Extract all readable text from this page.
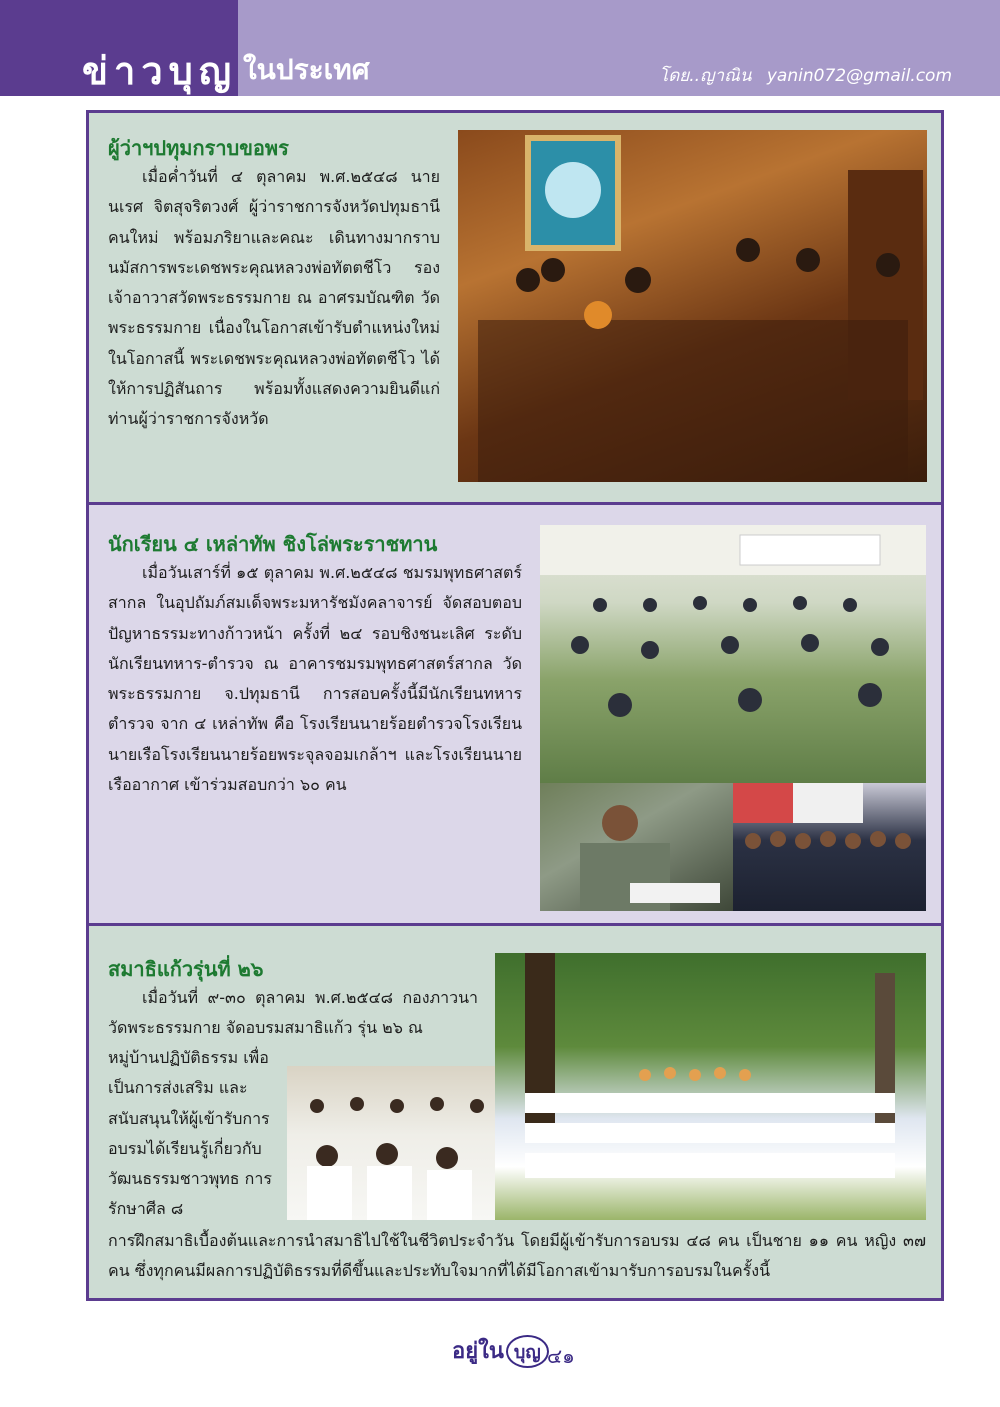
ข่าวบุญ ในประเทศ	โดย..ญาณิน yanin072@gmail.com
ผู้ว่าฯปทุมกราบขอพร

เมื่อค่ำวันที่ ๔ ตุลาคม พ.ศ.๒๕๔๘ นาย นเรศ จิตสุจริตวงศ์ ผู้ว่าราชการจังหวัดปทุมธานีคนใหม่ พร้อมภริยาและคณะ เดินทางมากราบนมัสการพระเดชพระคุณหลวงพ่อทัตตชีโว รองเจ้าอาวาสวัดพระธรรมกาย ณ อาศรมบัณฑิต วัดพระธรรมกาย เนื่องในโอกาสเข้ารับตำแหน่งใหม่ ในโอกาสนี้ พระเดชพระคุณหลวงพ่อทัตตชีโว ได้ให้การปฏิสันถาร พร้อมทั้งแสดงความยินดีแก่ท่านผู้ว่าราชการจังหวัด

นักเรียน ๔ เหล่าทัพ ชิงโล่พระราชทาน

เมื่อวันเสาร์ที่ ๑๕ ตุลาคม พ.ศ.๒๕๔๘ ชมรมพุทธศาสตร์สากล ในอุปถัมภ์สมเด็จพระมหารัชมังคลาจารย์ จัดสอบตอบปัญหาธรรมะทางก้าวหน้า ครั้งที่ ๒๔ รอบชิงชนะเลิศ ระดับนักเรียนทหาร-ตำรวจ ณ อาคารชมรมพุทธศาสตร์สากล วัดพระธรรมกาย จ.ปทุมธานี การสอบครั้งนี้มีนักเรียนทหาร ตำรวจ จาก ๔ เหล่าทัพ คือ โรงเรียนนายร้อยตำรวจโรงเรียนนายเรือโรงเรียนนายร้อยพระจุลจอมเกล้าฯ และโรงเรียนนายเรืออากาศ เข้าร่วมสอบกว่า ๖๐ คน

สมาธิแก้วรุ่นที่ ๒๖

เมื่อวันที่ ๙-๓๐ ตุลาคม พ.ศ.๒๕๔๘ กองภาวนา วัดพระธรรมกาย จัดอบรมสมาธิแก้ว รุ่น ๒๖ ณ

หมู่บ้านปฏิบัติธรรม เพื่อเป็นการส่งเสริม และสนับสนุนให้ผู้เข้ารับการอบรมได้เรียนรู้เกี่ยวกับวัฒนธรรมชาวพุทธ การรักษาศีล ๘

การฝึกสมาธิเบื้องต้นและการนำสมาธิไปใช้ในชีวิตประจำวัน โดยมีผู้เข้ารับการอบรม ๔๘ คน เป็นชาย ๑๑ คน หญิง ๓๗ คน ซึ่งทุกคนมีผลการปฏิบัติธรรมที่ดีขึ้นและประทับใจมากที่ได้มีโอกาสเข้ามารับการอบรมในครั้งนี้

อยู่ใน บุญ ๔๑
